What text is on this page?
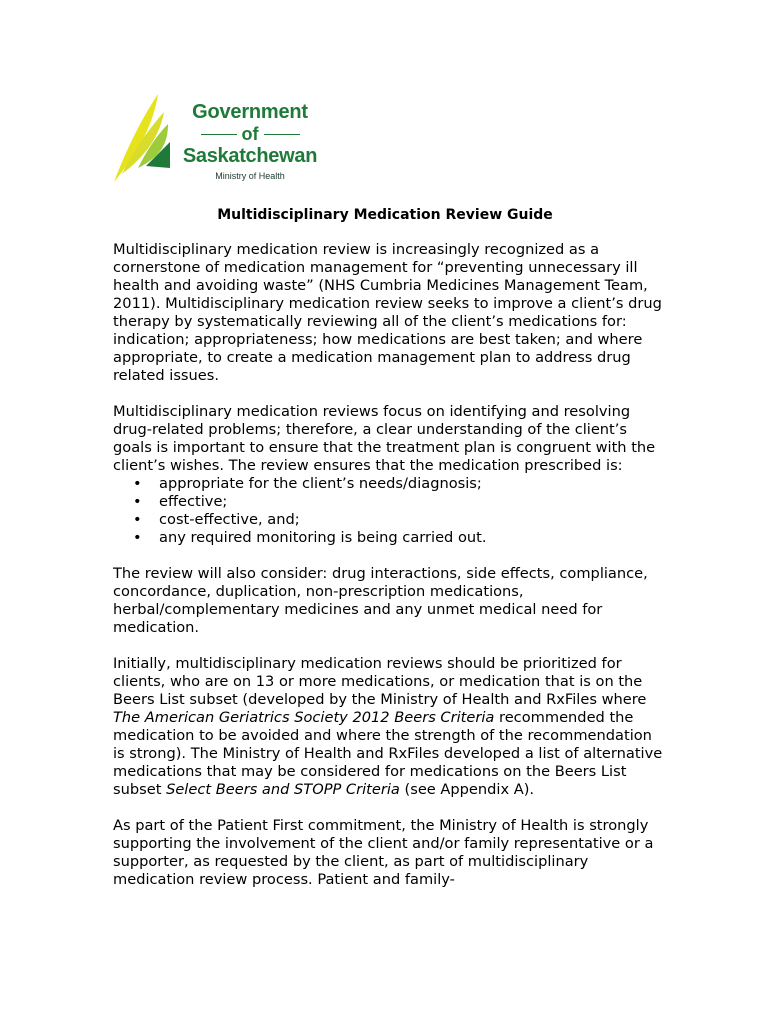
Government
of
Saskatchewan
Ministry of Health
Multidisciplinary Medication Review Guide

Multidisciplinary medication review is increasingly recognized as a cornerstone of medication management for “preventing unnecessary ill health and avoiding waste” (NHS Cumbria Medicines Management Team, 2011). Multidisciplinary medication review seeks to improve a client’s drug therapy by systematically reviewing all of the client’s medications for: indication; appropriateness; how medications are best taken; and where appropriate, to create a medication management plan to address drug related issues.

Multidisciplinary medication reviews focus on identifying and resolving drug-related problems; therefore, a clear understanding of the client’s goals is important to ensure that the treatment plan is congruent with the client’s wishes. The review ensures that the medication prescribed is:

• appropriate for the client’s needs/diagnosis;
• effective;
• cost-effective, and;
• any required monitoring is being carried out.

The review will also consider: drug interactions, side effects, compliance, concordance, duplication, non-prescription medications, herbal/complementary medicines and any unmet medical need for medication.

Initially, multidisciplinary medication reviews should be prioritized for clients, who are on 13 or more medications, or medication that is on the Beers List subset (developed by the Ministry of Health and RxFiles where The American Geriatrics Society 2012 Beers Criteria recommended the medication to be avoided and where the strength of the recommendation is strong). The Ministry of Health and RxFiles developed a list of alternative medications that may be considered for medications on the Beers List subset Select Beers and STOPP Criteria (see Appendix A).

As part of the Patient First commitment, the Ministry of Health is strongly supporting the involvement of the client and/or family representative or a supporter, as requested by the client, as part of multidisciplinary medication review process. Patient and family-
